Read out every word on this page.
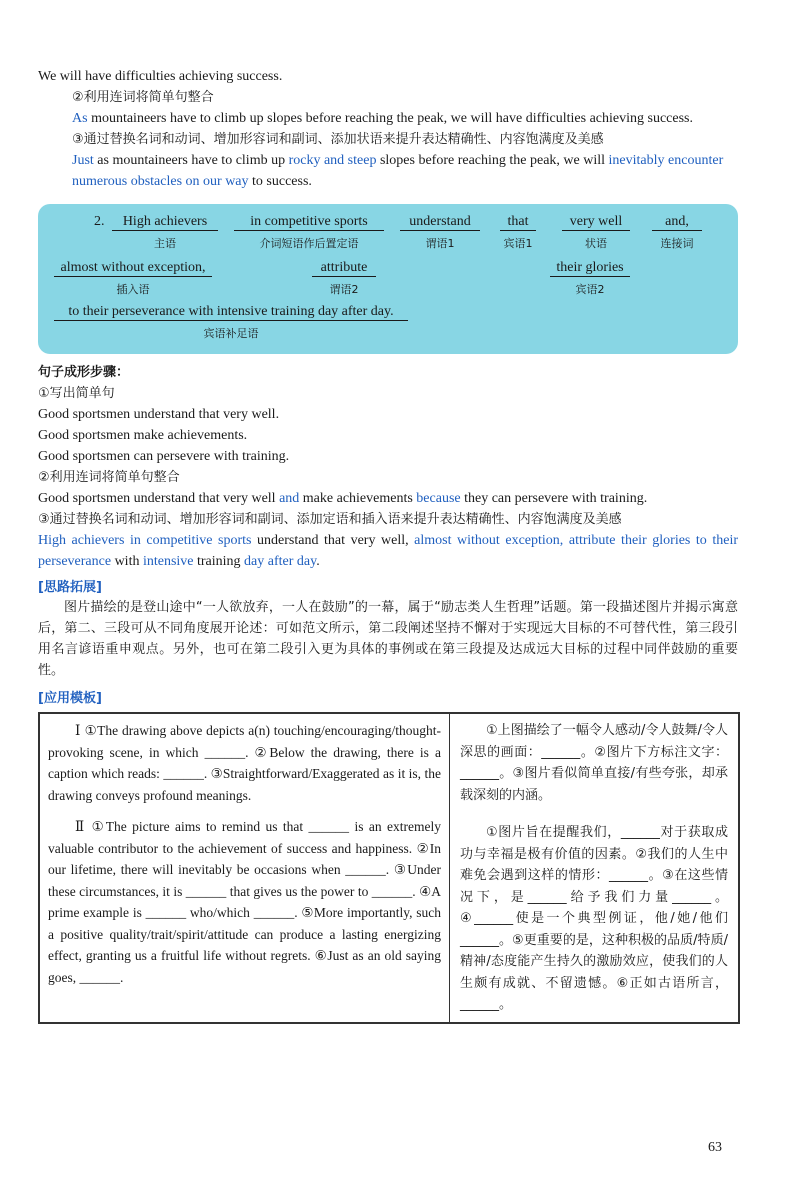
We will have difficulties achieving success.

②利用连词将简单句整合

As mountaineers have to climb up slopes before reaching the peak, we will have difficulties achieving success.

③通过替换名词和动词、增加形容词和副词、添加状语来提升表达精确性、内容饱满度及美感

Just as mountaineers have to climb up rocky and steep slopes before reaching the peak, we will inevitably encounter numerous obstacles on our way to success.

2.	High achievers
主语
in competitive sports
介词短语作后置定语
understand
谓语1
that
宾语1
very well
状语
and,
连接词
almost without exception,
插入语
attribute
谓语2
their glories
宾语2
to their perseverance with intensive training day after day.
宾语补足语

句子成形步骤：

①写出简单句

Good sportsmen understand that very well.

Good sportsmen make achievements.

Good sportsmen can persevere with training.

②利用连词将简单句整合

Good sportsmen understand that very well and make achievements because they can persevere with training.

③通过替换名词和动词、增加形容词和副词、添加定语和插入语来提升表达精确性、内容饱满度及美感

High achievers in competitive sports understand that very well, almost without exception, attribute their glories to their perseverance with intensive training day after day.

[思路拓展]

图片描绘的是登山途中“一人欲放弃，一人在鼓励”的一幕，属于“励志类人生哲理”话题。第一段描述图片并揭示寓意后，第二、三段可从不同角度展开论述：可如范文所示，第二段阐述坚持不懈对于实现远大目标的不可替代性，第三段引用名言谚语重申观点。另外，也可在第二段引入更为具体的事例或在第三段提及达成远大目标的过程中同伴鼓励的重要性。

[应用模板]

Ⅰ ①The drawing above depicts a(n) touching/encouraging/thought-provoking scene, in which ______. ②Below the drawing, there is a caption which reads: ______. ③Straightforward/Exaggerated as it is, the drawing conveys profound meanings.

Ⅱ ①The picture aims to remind us that ______ is an extremely valuable contributor to the achievement of success and happiness. ②In our lifetime, there will inevitably be occasions when ______. ③Under these circumstances, it is ______ that gives us the power to ______. ④A prime example is ______ who/which ______. ⑤More importantly, such a positive quality/trait/spirit/attitude can produce a lasting energizing effect, granting us a fruitful life without regrets. ⑥Just as an old saying goes, ______.

①上图描绘了一幅令人感动/令人鼓舞/令人深思的画面：______。②图片下方标注文字：______。③图片看似简单直接/有些夸张，却承载深刻的内涵。

①图片旨在提醒我们，______对于获取成功与幸福是极有价值的因素。②我们的人生中难免会遇到这样的情形：______。③在这些情况下，是______给予我们力量______。④______使是一个典型例证，他/她/他们______。⑤更重要的是，这种积极的品质/特质/精神/态度能产生持久的激励效应，使我们的人生颇有成就、不留遗憾。⑥正如古语所言，______。

63
